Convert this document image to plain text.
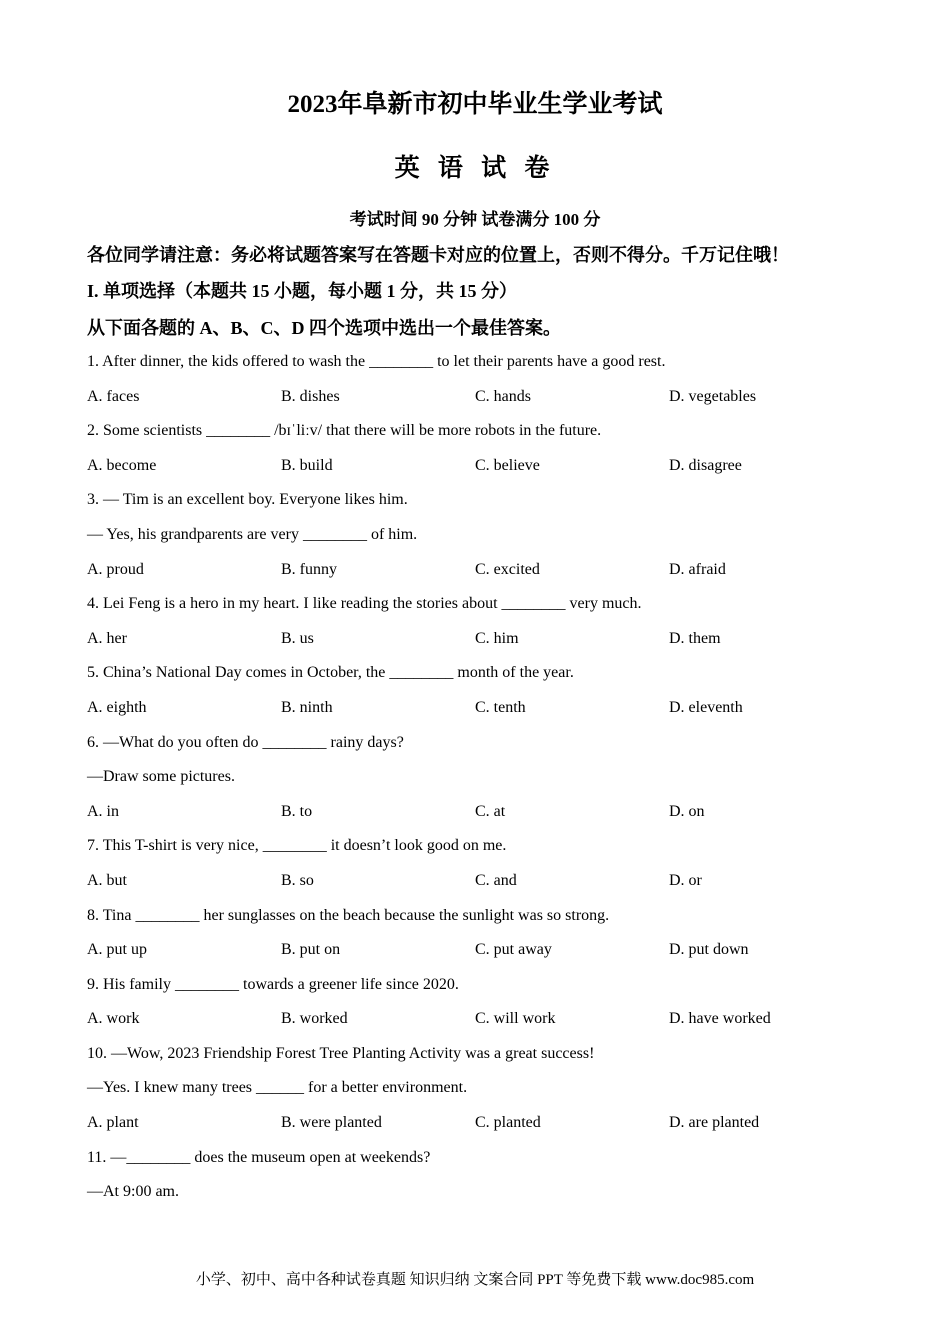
2023年阜新市初中毕业生学业考试
英 语 试 卷

考试时间 90 分钟 试卷满分 100 分

各位同学请注意：务必将试题答案写在答题卡对应的位置上，否则不得分。千万记住哦！

I. 单项选择（本题共 15 小题，每小题 1 分，共 15 分）

从下面各题的 A、B、C、D 四个选项中选出一个最佳答案。

1. After dinner, the kids offered to wash the ________ to let their parents have a good rest.
A. faces	B. dishes	C. hands	D. vegetables
2. Some scientists ________ /bɪˈliːv/ that there will be more robots in the future.
A. become	B. build	C. believe	D. disagree
3. — Tim is an excellent boy. Everyone likes him.
— Yes, his grandparents are very ________ of him.
A. proud	B. funny	C. excited	D. afraid
4. Lei Feng is a hero in my heart. I like reading the stories about ________ very much.
A. her	B. us	C. him	D. them
5. China’s National Day comes in October, the ________ month of the year.
A. eighth	B. ninth	C. tenth	D. eleventh
6. —What do you often do ________ rainy days?
—Draw some pictures.
A. in	B. to	C. at	D. on
7. This T-shirt is very nice, ________ it doesn’t look good on me.
A. but	B. so	C. and	D. or
8. Tina ________ her sunglasses on the beach because the sunlight was so strong.
A. put up	B. put on	C. put away	D. put down
9. His family ________ towards a greener life since 2020.
A. work	B. worked	C. will work	D. have worked
10. —Wow, 2023 Friendship Forest Tree Planting Activity was a great success!
—Yes. I knew many trees ______ for a better environment.
A. plant	B. were planted	C. planted	D. are planted
11. —________ does the museum open at weekends?
—At 9:00 am.

小学、初中、高中各种试卷真题 知识归纳 文案合同 PPT 等免费下载 www.doc985.com
